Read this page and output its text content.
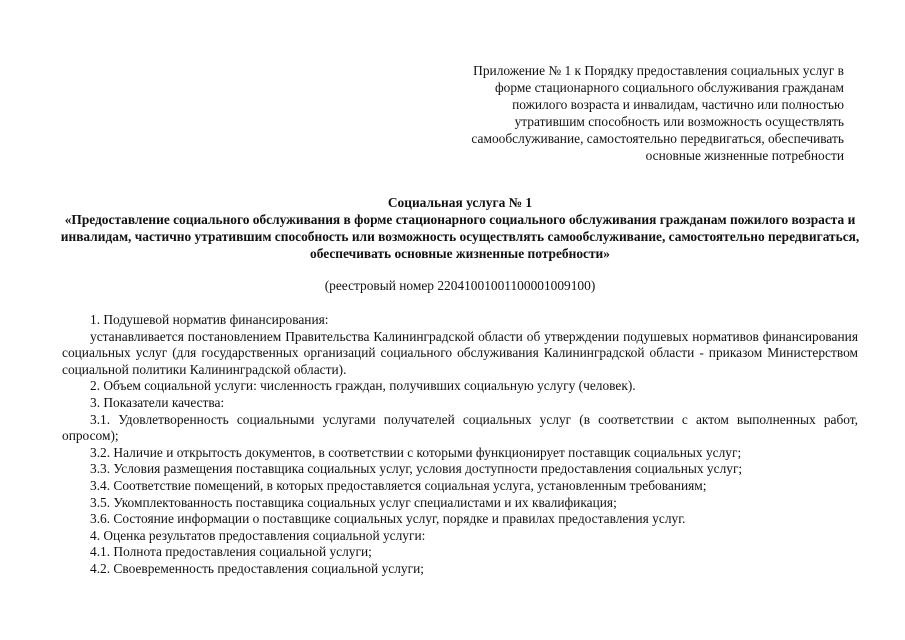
Приложение № 1 к Порядку предоставления социальных услуг в форме стационарного социального обслуживания гражданам пожилого возраста и инвалидам, частично или полностью утратившим способность или возможность осуществлять самообслуживание, самостоятельно передвигаться, обеспечивать основные жизненные потребности
Социальная услуга № 1
«Предоставление социального обслуживания в форме стационарного социального обслуживания гражданам пожилого возраста и инвалидам, частично утратившим способность или возможность осуществлять самообслуживание, самостоятельно передвигаться, обеспечивать основные жизненные потребности»
(реестровый номер 22041001001100001009100)

1. Подушевой норматив финансирования:

устанавливается постановлением Правительства Калининградской области об утверждении подушевых нормативов финансирования социальных услуг (для государственных организаций социального обслуживания Калининградской области - приказом Министерством социальной политики Калининградской области).

2. Объем социальной услуги: численность граждан, получивших социальную услугу (человек).

3. Показатели качества:

3.1. Удовлетворенность социальными услугами получателей социальных услуг (в соответствии с актом выполненных работ, опросом);

3.2. Наличие и открытость документов, в соответствии с которыми функционирует поставщик социальных услуг;

3.3. Условия размещения поставщика социальных услуг, условия доступности предоставления социальных услуг;

3.4. Соответствие помещений, в которых предоставляется социальная услуга, установленным требованиям;

3.5. Укомплектованность поставщика социальных услуг специалистами и их квалификация;

3.6. Состояние информации о поставщике социальных услуг, порядке и правилах предоставления услуг.

4. Оценка результатов предоставления социальной услуги:

4.1. Полнота предоставления социальной услуги;

4.2. Своевременность предоставления социальной услуги;
